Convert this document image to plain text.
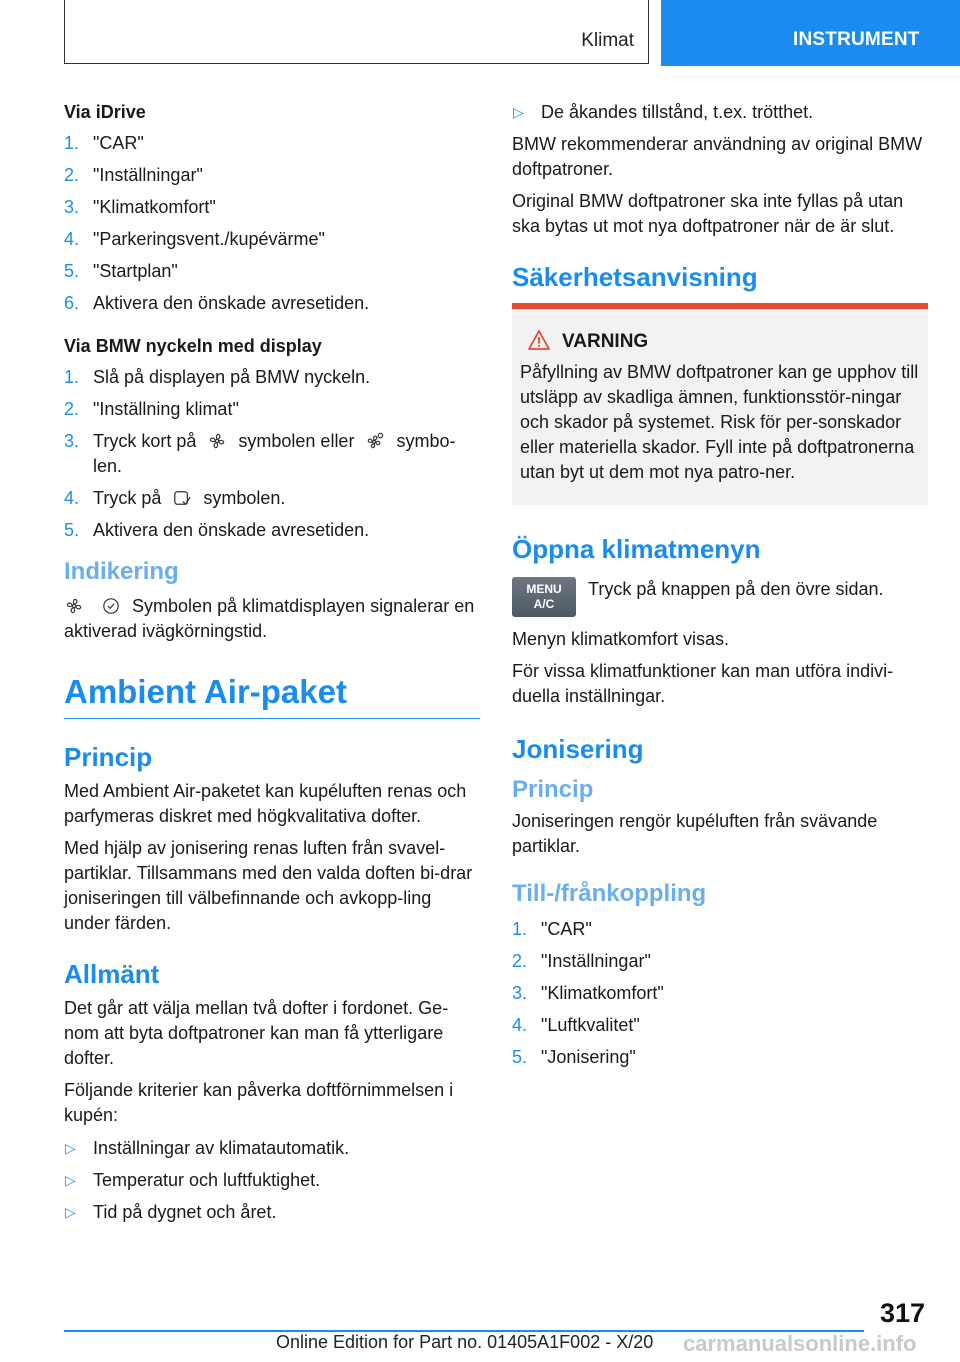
Klimat	INSTRUMENT
Via iDrive
1. "CAR"
2. "Inställningar"
3. "Klimatkomfort"
4. "Parkeringsvent./kupévärme"
5. "Startplan"
6. Aktivera den önskade avresetiden.
Via BMW nyckeln med display
1. Slå på displayen på BMW nyckeln.
2. "Inställning klimat"
3. Tryck kort på symbolen eller symbo-len.
4. Tryck på symbolen.
5. Aktivera den önskade avresetiden.
Indikering

Symbolen på klimatdisplayen signalerar en aktiverad ivägkörningstid.

Ambient Air-paket
Princip

Med Ambient Air-paketet kan kupéluften renas och parfymeras diskret med högkvalitativa dofter.

Med hjälp av jonisering renas luften från svavel-partiklar. Tillsammans med den valda doften bi-drar joniseringen till välbefinnande och avkopp-ling under färden.

Allmänt

Det går att välja mellan två dofter i fordonet. Ge-nom att byta doftpatroner kan man få ytterligare dofter.

Följande kriterier kan påverka doftförnimmelsen i kupén:

▷ Inställningar av klimatautomatik.
▷ Temperatur och luftfuktighet.
▷ Tid på dygnet och året.
▷ De åkandes tillstånd, t.ex. trötthet.

BMW rekommenderar användning av original BMW doftpatroner.

Original BMW doftpatroner ska inte fyllas på utan ska bytas ut mot nya doftpatroner när de är slut.

Säkerhetsanvisning
VARNING

Påfyllning av BMW doftpatroner kan ge upphov till utsläpp av skadliga ämnen, funktionsstör-ningar och skador på systemet. Risk för per-sonskador eller materiella skador. Fyll inte på doftpatronerna utan byt ut dem mot nya patro-ner.

Öppna klimatmenyn
MENU
A/C
Tryck på knappen på den övre sidan.

Menyn klimatkomfort visas.

För vissa klimatfunktioner kan man utföra indivi-duella inställningar.

Jonisering
Princip

Joniseringen rengör kupéluften från svävande partiklar.

Till-/frånkoppling
1. "CAR"
2. "Inställningar"
3. "Klimatkomfort"
4. "Luftkvalitet"
5. "Jonisering"
317
Online Edition for Part no. 01405A1F002 - X/20 carmanualsonline.info
